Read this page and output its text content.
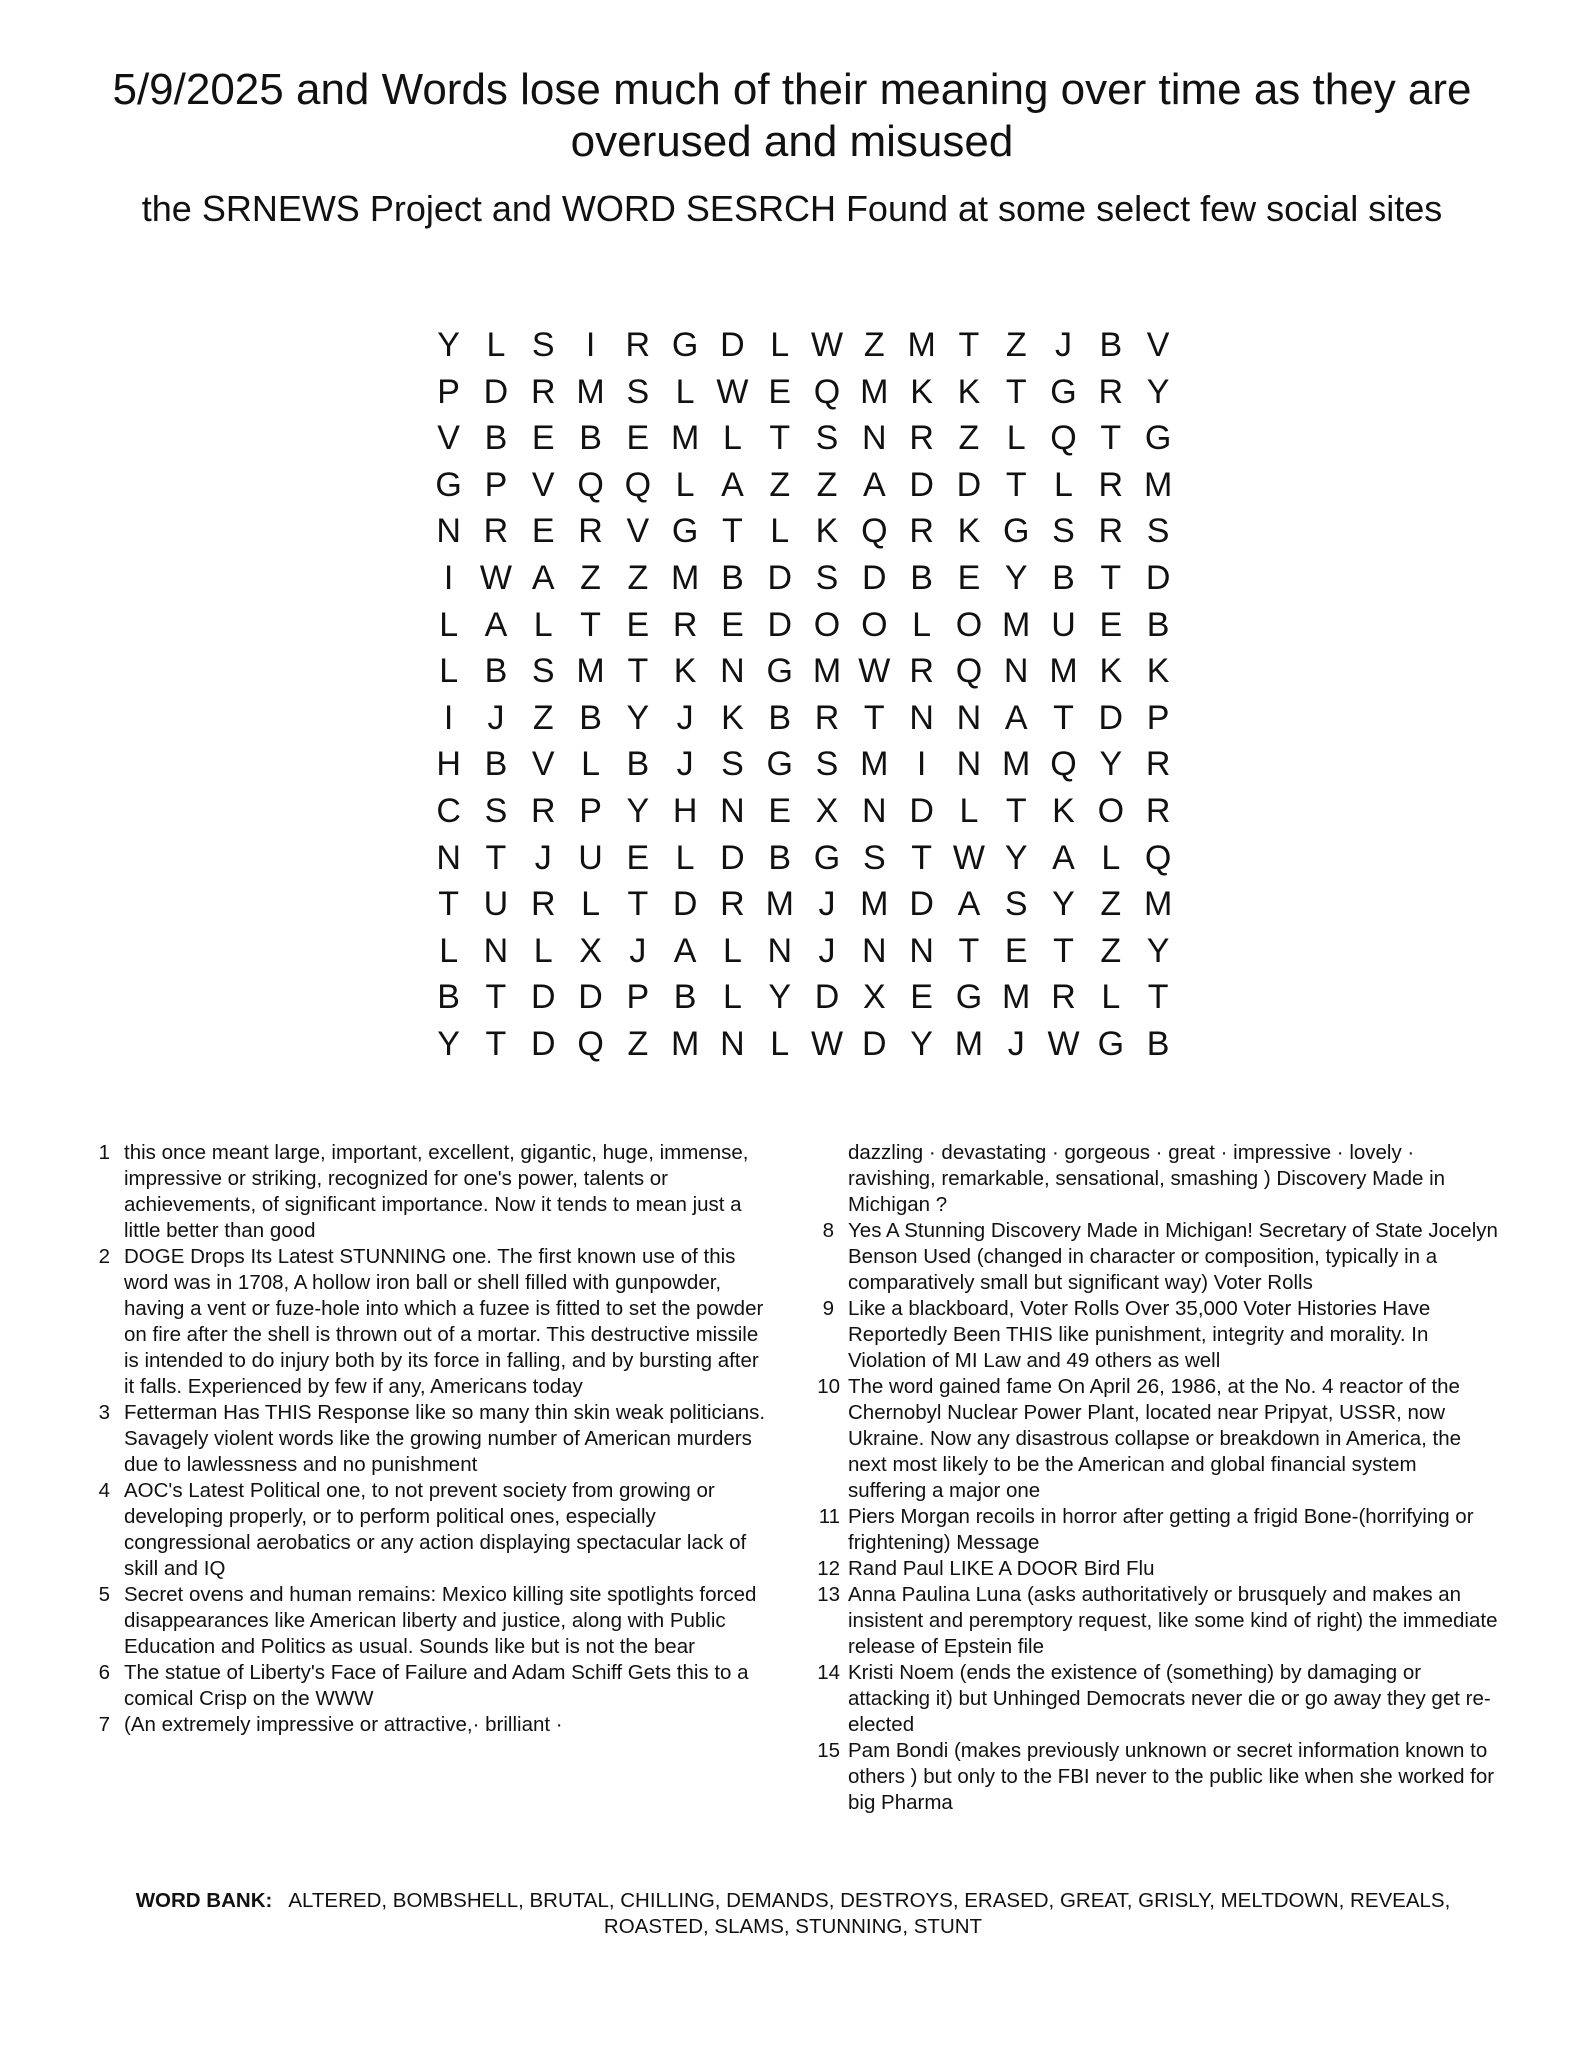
5/9/2025 and Words lose much of their meaning over time as they are overused and misused
the SRNEWS Project and WORD SESRCH Found at some select few social sites
Y L S I R G D L W Z M T Z J B V
P D R M S L W E Q M K K T G R Y
V B E B E M L T S N R Z L Q T G
G P V Q Q L A Z Z A D D T L R M
N R E R V G T L K Q R K G S R S
I W A Z Z M B D S D B E Y B T D
L A L T E R E D O O L O M U E B
L B S M T K N G M W R Q N M K K
I	J Z B Y J K B R T N N A T D P
H B V L B J S G S M I N M Q Y R
C S R P Y H N E X N D L T K O R
N T J U E L D B G S T W Y A L Q
T U R L T D R M J M D A S Y Z M
L N L X J A L N J N N T E T Z Y
B T D D P B L Y D X E G M R L T
Y T D Q Z M N L W D Y M J W G B
1 this once meant large, important, excellent, gigantic, huge, immense, impressive or striking, recognized for one's power, talents or achievements, of significant importance. Now it tends to mean just a little better than good
2 DOGE Drops Its Latest STUNNING one. The first known use of this word was in 1708, A hollow iron ball or shell filled with gunpowder, having a vent or fuze-hole into which a fuzee is fitted to set the powder on fire after the shell is thrown out of a mortar. This destructive missile is intended to do injury both by its force in falling, and by bursting after it falls. Experienced by few if any, Americans today
3 Fetterman Has THIS Response like so many thin skin weak politicians. Savagely violent words like the growing number of American murders due to lawlessness and no punishment
4 AOC's Latest Political one, to not prevent society from growing or developing properly, or to perform political ones, especially congressional aerobatics or any action displaying spectacular lack of skill and IQ
5 Secret ovens and human remains: Mexico killing site spotlights forced disappearances like American liberty and justice, along with Public Education and Politics as usual. Sounds like but is not the bear
6 The statue of Liberty's Face of Failure and Adam Schiff Gets this to a comical Crisp on the WWW
7 (An extremely impressive or attractive,· brilliant ·
dazzling · devastating · gorgeous · great · impressive · lovely · ravishing, remarkable, sensational, smashing ) Discovery Made in Michigan ?
8 Yes A Stunning Discovery Made in Michigan! Secretary of State Jocelyn Benson Used (changed in character or composition, typically in a comparatively small but significant way) Voter Rolls
9 Like a blackboard, Voter Rolls Over 35,000 Voter Histories Have Reportedly Been THIS like punishment, integrity and morality. In Violation of MI Law and 49 others as well
10 The word gained fame On April 26, 1986, at the No. 4 reactor of the Chernobyl Nuclear Power Plant, located near Pripyat, USSR, now Ukraine. Now any disastrous collapse or breakdown in America, the next most likely to be the American and global financial system suffering a major one
11 Piers Morgan recoils in horror after getting a frigid Bone-(horrifying or frightening) Message
12 Rand Paul LIKE A DOOR Bird Flu
13 Anna Paulina Luna (asks authoritatively or brusquely and makes an insistent and peremptory request, like some kind of right) the immediate release of Epstein file
14 Kristi Noem (ends the existence of (something) by damaging or attacking it) but Unhinged Democrats never die or go away they get re-elected
15 Pam Bondi (makes previously unknown or secret information known to others ) but only to the FBI never to the public like when she worked for big Pharma
WORD BANK: ALTERED, BOMBSHELL, BRUTAL, CHILLING, DEMANDS, DESTROYS, ERASED, GREAT, GRISLY, MELTDOWN, REVEALS, ROASTED, SLAMS, STUNNING, STUNT
